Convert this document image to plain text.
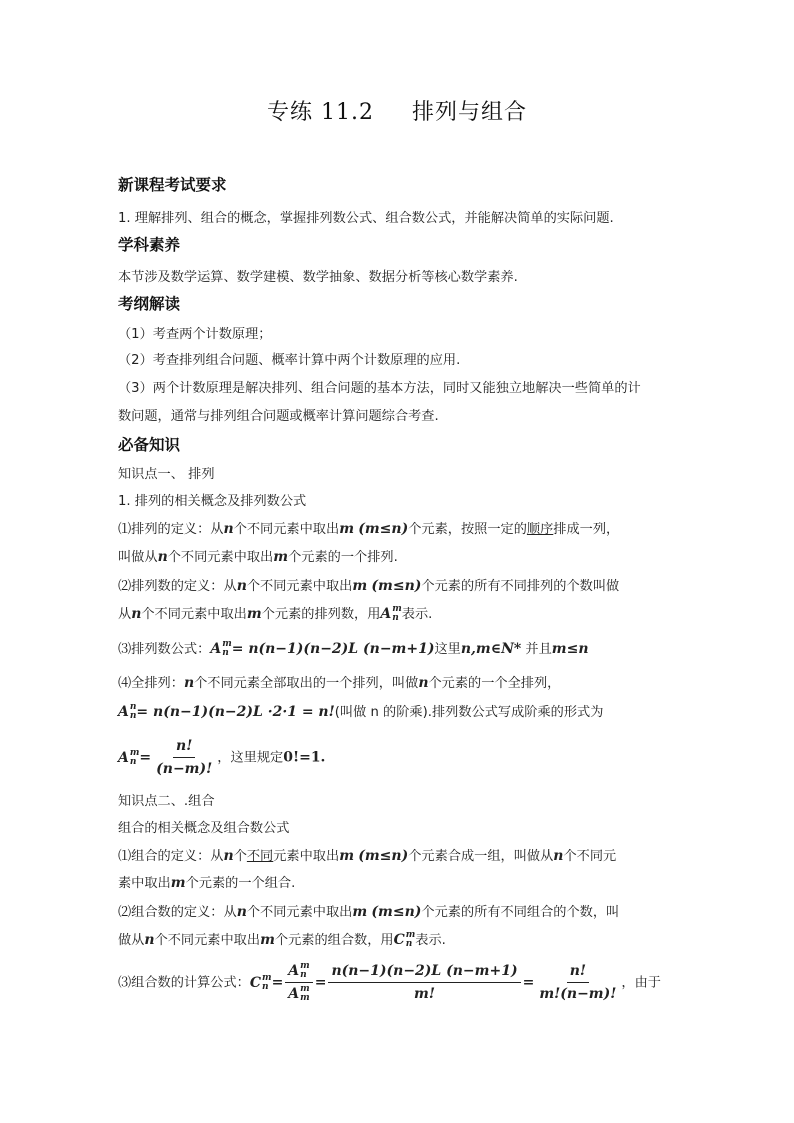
专练 11.2 排列与组合
新课程考试要求
1. 理解排列、组合的概念，掌握排列数公式、组合数公式，并能解决简单的实际问题.
学科素养
本节涉及数学运算、数学建模、数学抽象、数据分析等核心数学素养.
考纲解读
（1）考查两个计数原理；
（2）考查排列组合问题、概率计算中两个计数原理的应用.
（3）两个计数原理是解决排列、组合问题的基本方法，同时又能独立地解决一些简单的计
数问题，通常与排列组合问题或概率计算问题综合考查.
必备知识
知识点一、 排列
1. 排列的相关概念及排列数公式
⑴排列的定义：从n个不同元素中取出m (m≤n)个元素，按照一定的顺序排成一列，
叫做从n个不同元素中取出m个元素的一个排列.
⑵排列数的定义：从n个不同元素中取出m (m≤n)个元素的所有不同排列的个数叫做
从n个不同元素中取出m个元素的排列数，用A m
n 表示.
⑶排列数公式：A m
n = n(n−1)(n−2)L (n−m+1)这里n,m∈N* 并且m≤n
⑷全排列：n个不同元素全部取出的一个排列，叫做n个元素的一个全排列，
A n
n = n(n−1)(n−2)L ·2·1 = n!(叫做 n 的阶乘).排列数公式写成阶乘的形式为
A m
$n = \frac{n!}{(n-m)!}$ ，这里规定0!=1.
知识点二、.组合
组合的相关概念及组合数公式
⑴组合的定义：从n个不同元素中取出m (m≤n)个元素合成一组，叫做从n个不同元
素中取出m个元素的一个组合.
⑵组合数的定义：从n个不同元素中取出m (m≤n)个元素的所有不同组合的个数，叫
做从n个不同元素中取出m个元素的组合数，用C m
n 表示.
⑶组合数的计算公式：C m
n = A m
n
A m
$m = \frac{n(n-1)(n-2)L (n-m+1)}{m!} = \frac{n!}{m!(n-m)!}$ ，由于
